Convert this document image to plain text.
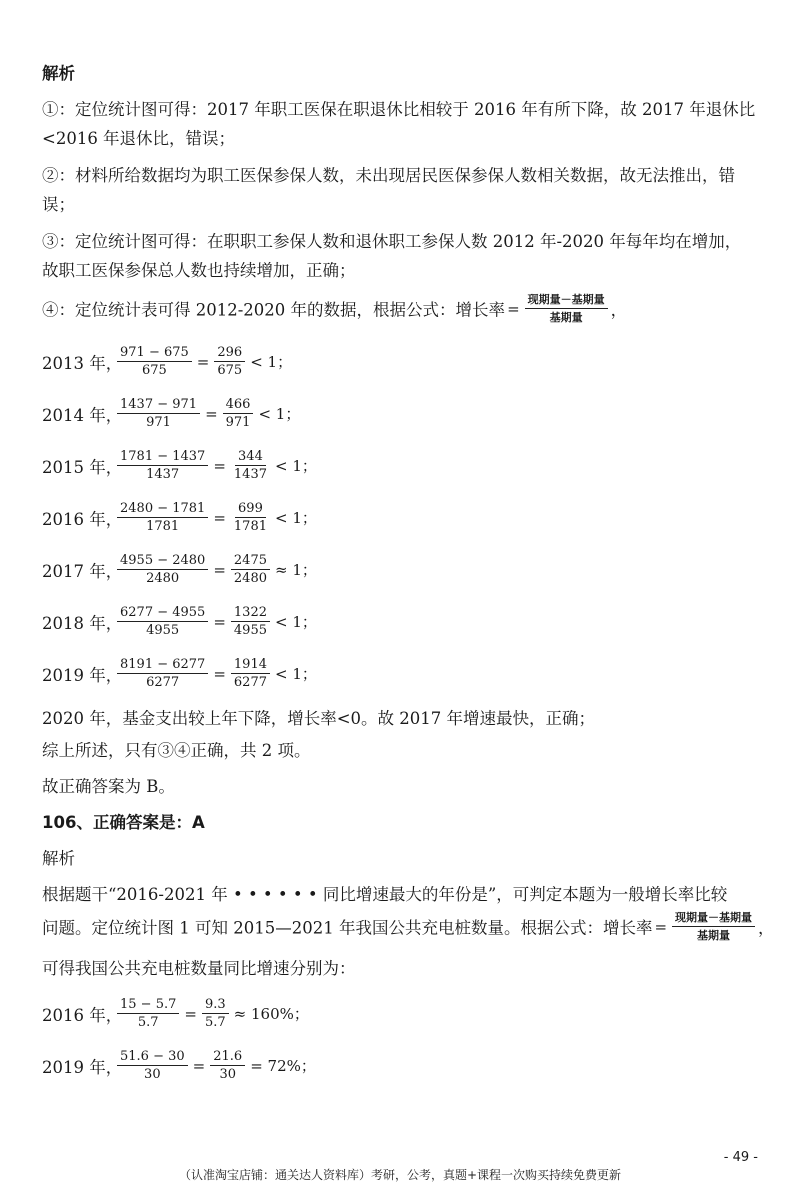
解析
①：定位统计图可得：2017 年职工医保在职退休比相较于 2016 年有所下降，故 2017 年退休比
<2016 年退休比，错误；
②：材料所给数据均为职工医保参保人数，未出现居民医保参保人数相关数据，故无法推出，错
误；
③：定位统计图可得：在职职工参保人数和退休职工参保人数 2012 年-2020 年每年均在增加，
故职工医保参保总人数也持续增加，正确；
④：定位统计表可得 2012-2020 年的数据，根据公式：增长率 = $\frac{\text{现期量－基期量}}{\text{基期量}}$ ，
2013 年，
$\frac{971 - 675}{675} = \frac{296}{675} < 1$；
2014 年，
$\frac{1437 - 971}{971} = \frac{466}{971} < 1$；
2015 年，
$\frac{1781 - 1437}{1437} = \frac{344}{1437} < 1$；
2016 年，
$\frac{2480 - 1781}{1781} = \frac{699}{1781} < 1$；
2017 年，
$\frac{4955 - 2480}{2480} = \frac{2475}{2480} \approx 1$；
2018 年，
$\frac{6277 - 4955}{4955} = \frac{1322}{4955} < 1$；
2019 年，
$\frac{8191 - 6277}{6277} = \frac{1914}{6277} < 1$；
2020 年，基金支出较上年下降，增长率<0。故 2017 年增速最快，正确；
综上所述，只有③④正确，共 2 项。
故正确答案为 B。
106、正确答案是：A
解析
根据题干“2016-2021 年 • • • • • • 同比增速最大的年份是”，可判定本题为一般增长率比较
问题。定位统计图 1 可知 2015—2021 年我国公共充电桩数量。根据公式：增长率 = $\frac{\text{现期量－基期量}}{\text{基期量}}$ ，
可得我国公共充电桩数量同比增速分别为：
2016 年，
$\frac{15 - 5.7}{5.7} = \frac{9.3}{5.7} \approx 160\%$；
2019 年，
$\frac{51.6 - 30}{30} = \frac{21.6}{30} = 72\%$；
- 49 -
（认准淘宝店铺：通关达人资料库）考研，公考，真题+课程一次购买持续免费更新
